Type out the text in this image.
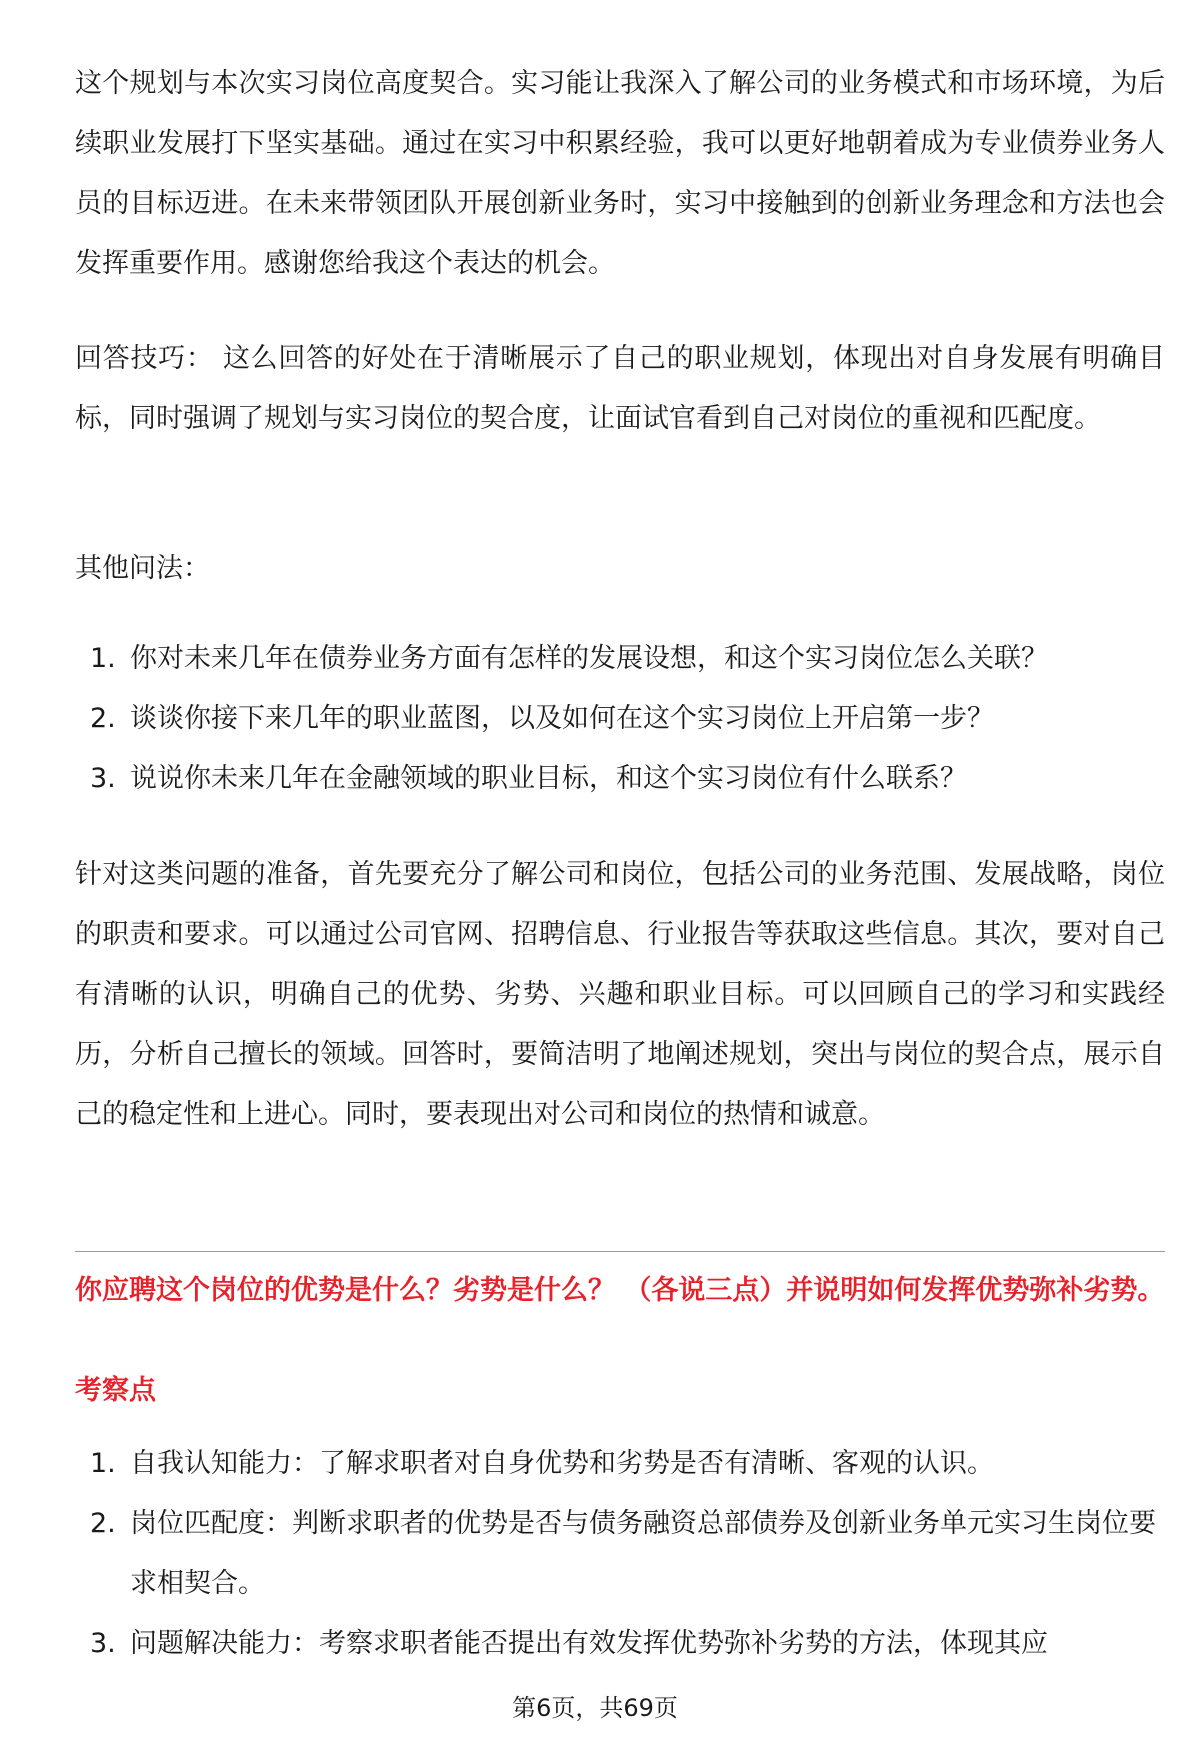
这个规划与本次实习岗位高度契合。实习能让我深入了解公司的业务模式和市场环境，为后续职业发展打下坚实基础。通过在实习中积累经验，我可以更好地朝着成为专业债券业务人员的目标迈进。在未来带领团队开展创新业务时，实习中接触到的创新业务理念和方法也会发挥重要作用。感谢您给我这个表达的机会。

回答技巧： 这么回答的好处在于清晰展示了自己的职业规划，体现出对自身发展有明确目标，同时强调了规划与实习岗位的契合度，让面试官看到自己对岗位的重视和匹配度。

其他问法：

1. 你对未来几年在债券业务方面有怎样的发展设想，和这个实习岗位怎么关联？
2. 谈谈你接下来几年的职业蓝图，以及如何在这个实习岗位上开启第一步？
3. 说说你未来几年在金融领域的职业目标，和这个实习岗位有什么联系？

针对这类问题的准备，首先要充分了解公司和岗位，包括公司的业务范围、发展战略，岗位的职责和要求。可以通过公司官网、招聘信息、行业报告等获取这些信息。其次，要对自己有清晰的认识，明确自己的优势、劣势、兴趣和职业目标。可以回顾自己的学习和实践经历，分析自己擅长的领域。回答时，要简洁明了地阐述规划，突出与岗位的契合点，展示自己的稳定性和上进心。同时，要表现出对公司和岗位的热情和诚意。

你应聘这个岗位的优势是什么？劣势是什么？ （各说三点）并说明如何发挥优势弥补劣势。

考察点

1. 自我认知能力：了解求职者对自身优势和劣势是否有清晰、客观的认识。
2. 岗位匹配度：判断求职者的优势是否与债务融资总部债券及创新业务单元实习生岗位要求相契合。
3. 问题解决能力：考察求职者能否提出有效发挥优势弥补劣势的方法，体现其应
第6页，共69页
